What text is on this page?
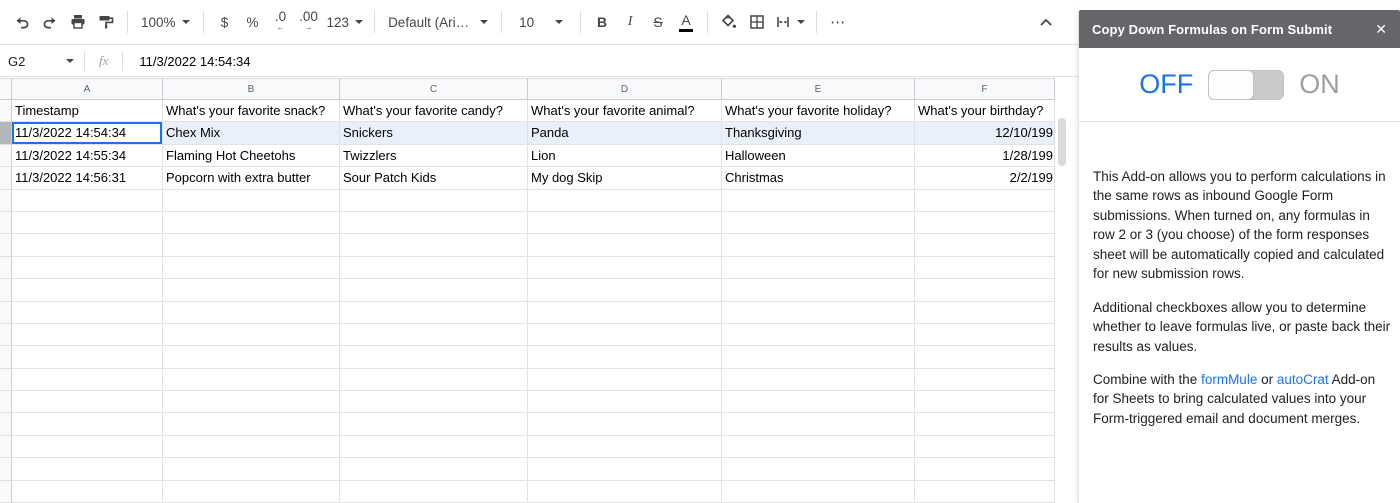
100%	$ % .0
←
.00
→ 123	Default (Ari…	10	B	I	S	A	⋯
G2	fx	11/3/2022 14:54:34
A	B	C	D	E	F
Timestamp	What's your favorite snack?	What's your favorite candy?	What's your favorite animal?	What's your favorite holiday?	What's your birthday?
11/3/2022 14:54:34	Chex Mix	Snickers	Panda	Thanksgiving	12/10/199
11/3/2022 14:55:34	Flaming Hot Cheetohs	Twizzlers	Lion	Halloween	1/28/199
11/3/2022 14:56:31	Popcorn with extra butter	Sour Patch Kids	My dog Skip	Christmas	2/2/199
Copy Down Formulas on Form Submit	✕
OFF	ON

This Add-on allows you to perform calculations in the same rows as inbound Google Form submissions. When turned on, any formulas in row 2 or 3 (you choose) of the form responses sheet will be automatically copied and calculated for new submission rows.

Additional checkboxes allow you to determine whether to leave formulas live, or paste back their results as values.

Combine with the formMule or autoCrat Add-on for Sheets to bring calculated values into your Form-triggered email and document merges.
